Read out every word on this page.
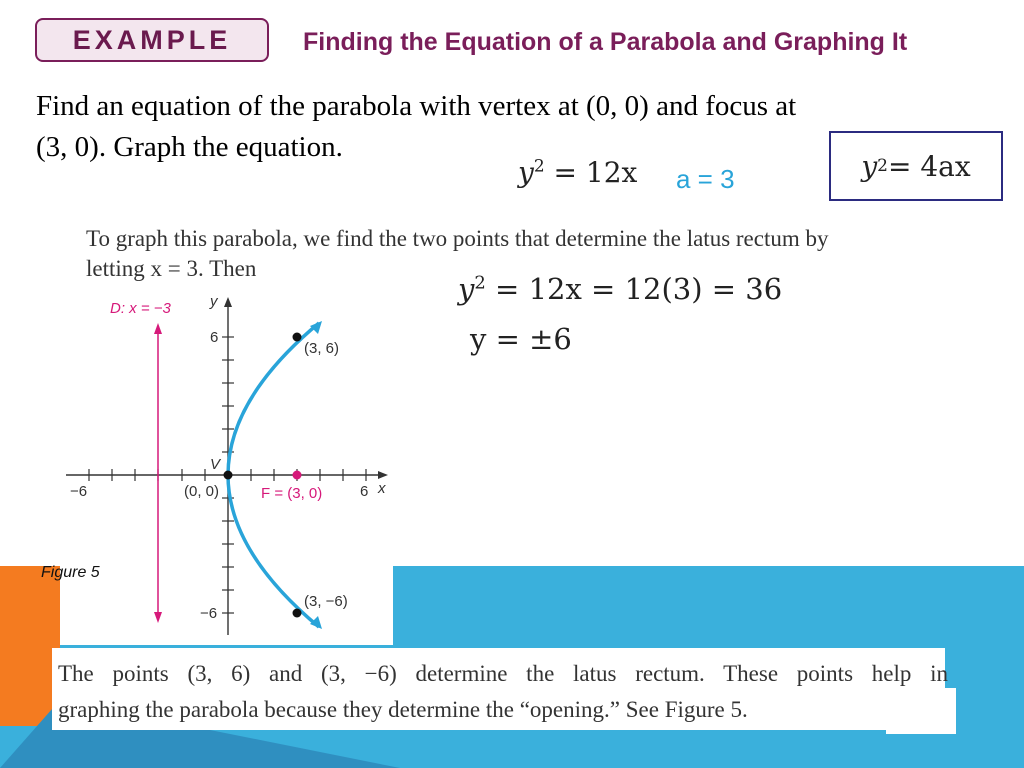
EXAMPLE	Finding the Equation of a Parabola and Graphing It
Find an equation of the parabola with vertex at (0, 0) and focus at
(3, 0). Graph the equation.
$y^2 = 12x$ a = 3	y 2 = 4ax
To graph this parabola, we find the two points that determine the latus rectum by
letting x = 3. Then
$y^2 = 12x = 12(3) = 36$
y = ±6
D: x = −3	y
x
6
−6
−6	6
V
(0, 0)	F = (3, 0)
(3, 6)
(3, −6)
Figure 5
The points (3, 6) and (3, −6) determine the latus rectum. These points help in
graphing the parabola because they determine the “opening.” See Figure 5.
